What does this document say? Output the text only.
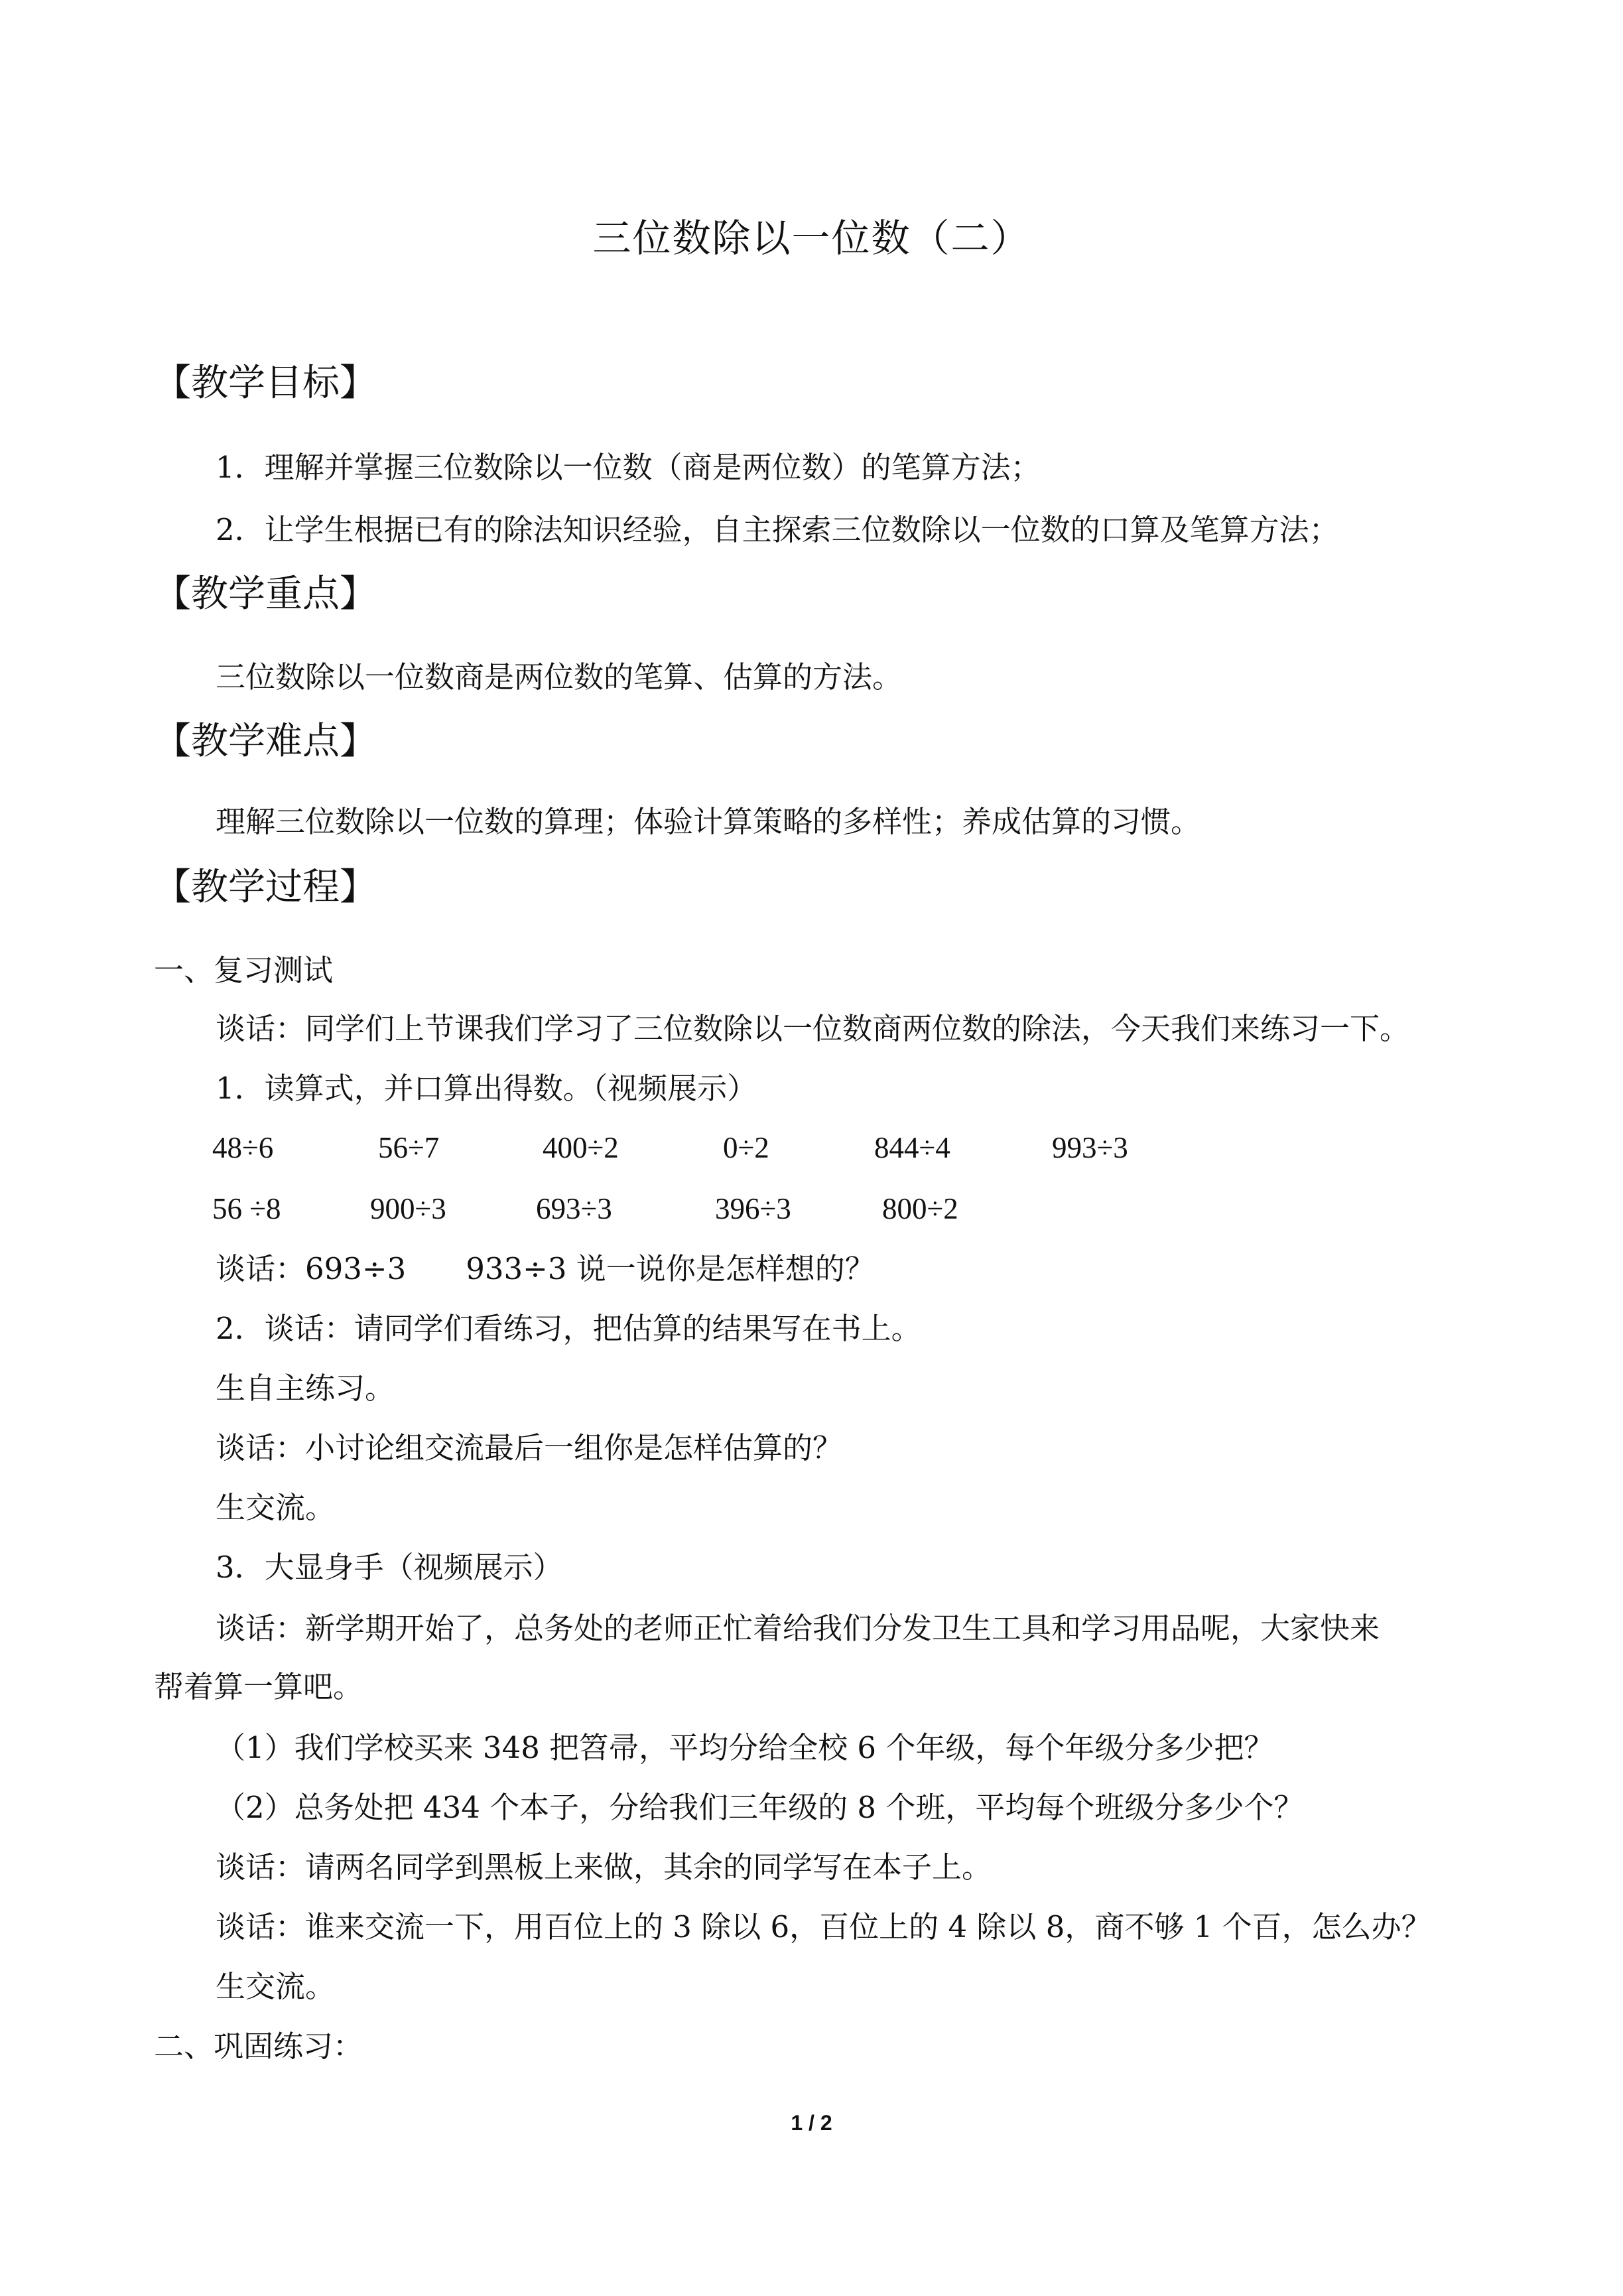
三位数除以一位数（二）
【教学目标】
1．理解并掌握三位数除以一位数（商是两位数）的笔算方法；
2．让学生根据已有的除法知识经验，自主探索三位数除以一位数的口算及笔算方法；
【教学重点】
三位数除以一位数商是两位数的笔算、估算的方法。
【教学难点】
理解三位数除以一位数的算理；体验计算策略的多样性；养成估算的习惯。
【教学过程】
一、复习测试
谈话：同学们上节课我们学习了三位数除以一位数商两位数的除法，今天我们来练习一下。
1．读算式，并口算出得数。（视频展示）
48÷6	56÷7	400÷2	0÷2	844÷4	993÷3
56 ÷8	900÷3	693÷3	396÷3	800÷2
谈话：693÷3　　933÷3 说一说你是怎样想的？
2．谈话：请同学们看练习，把估算的结果写在书上。
生自主练习。
谈话：小讨论组交流最后一组你是怎样估算的？
生交流。
3．大显身手（视频展示）
谈话：新学期开始了，总务处的老师正忙着给我们分发卫生工具和学习用品呢，大家快来
帮着算一算吧。
（1）我们学校买来 348 把笤帚，平均分给全校 6 个年级，每个年级分多少把？
（2）总务处把 434 个本子，分给我们三年级的 8 个班，平均每个班级分多少个？
谈话：请两名同学到黑板上来做，其余的同学写在本子上。
谈话：谁来交流一下，用百位上的 3 除以 6，百位上的 4 除以 8，商不够 1 个百，怎么办？
生交流。
二、巩固练习：
1 / 2
